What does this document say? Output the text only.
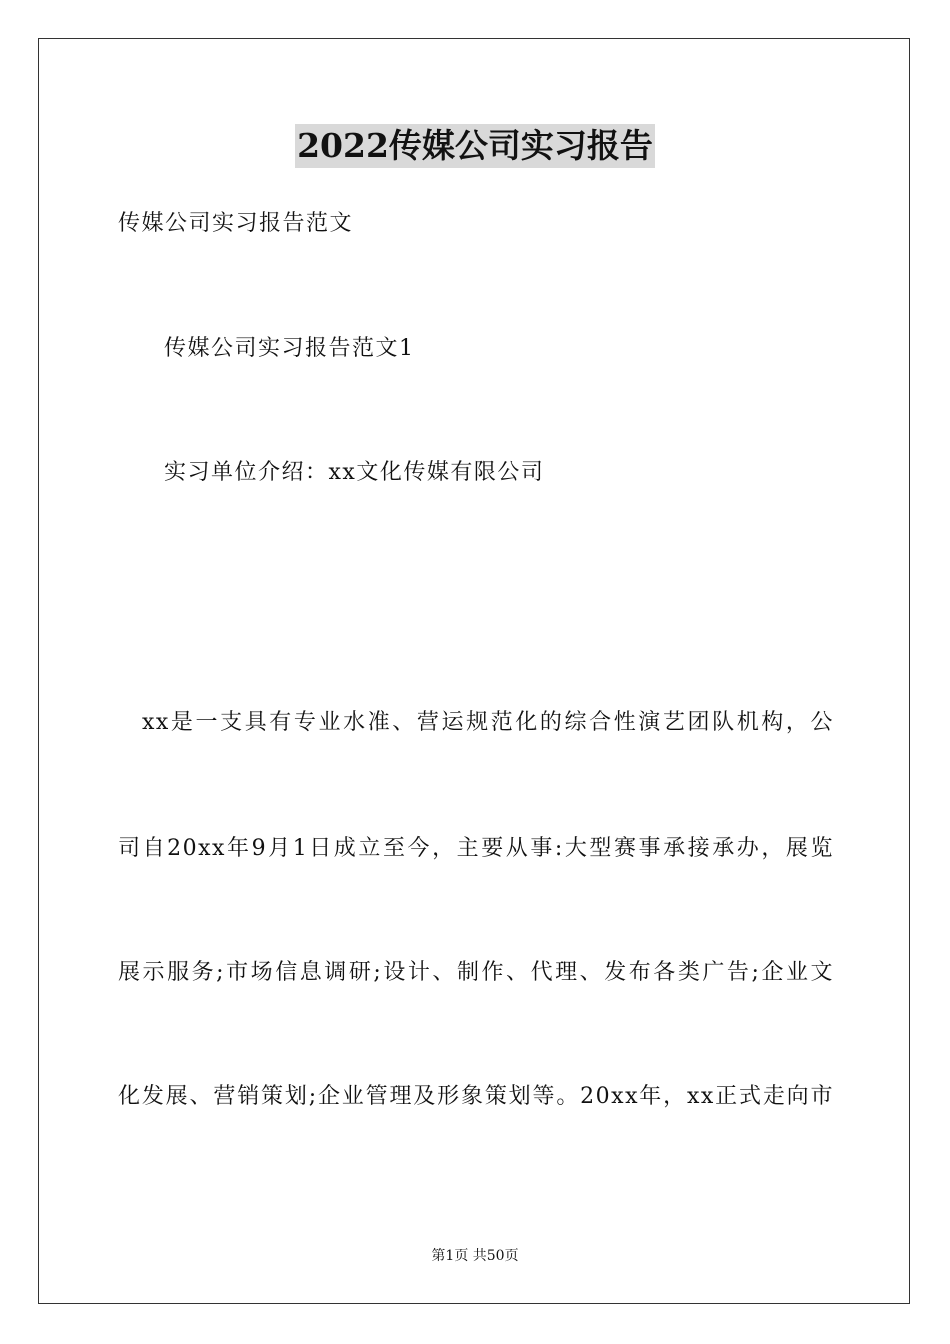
2022传媒公司实习报告
传媒公司实习报告范文
传媒公司实习报告范文1
实习单位介绍：xx文化传媒有限公司
xx是一支具有专业水准、营运规范化的综合性演艺团队机构，公
司自20xx年9月1日成立至今，主要从事:大型赛事承接承办，展览
展示服务;市场信息调研;设计、制作、代理、发布各类广告;企业文
化发展、营销策划;企业管理及形象策划等。20xx年，xx正式走向市
第1页 共50页
